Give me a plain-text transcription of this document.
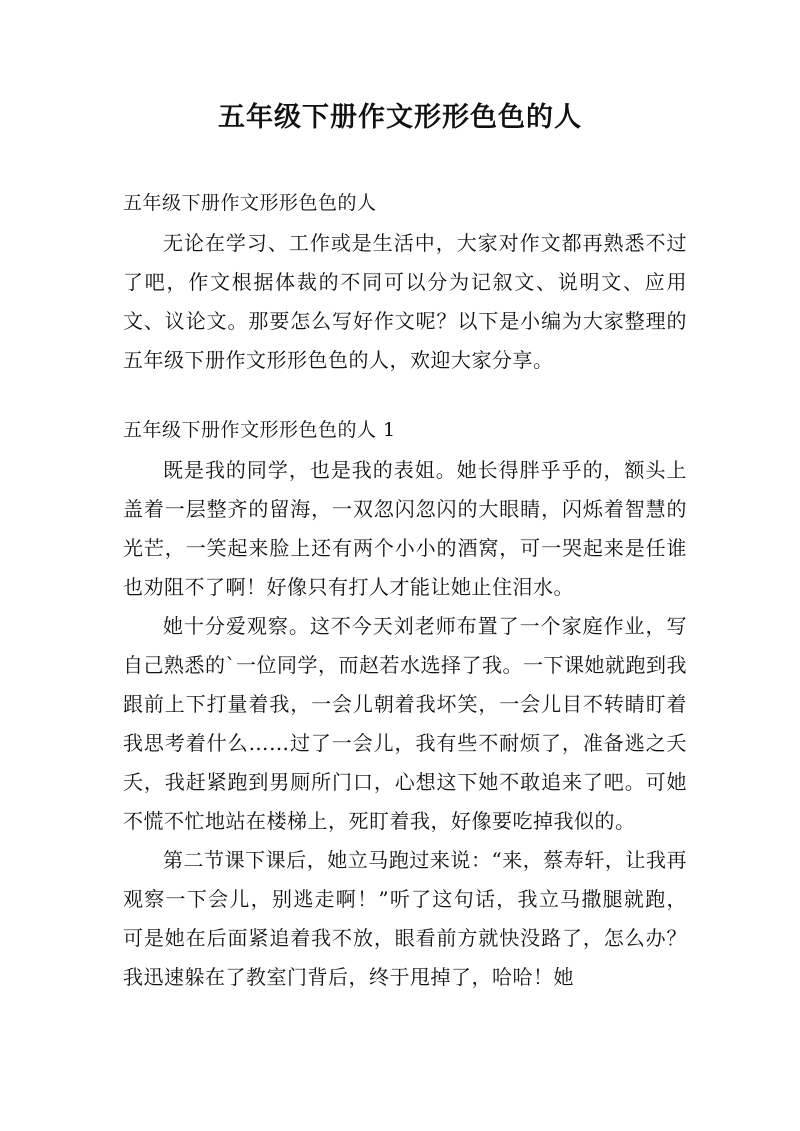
五年级下册作文形形色色的人
五年级下册作文形形色色的人

无论在学习、工作或是生活中，大家对作文都再熟悉不过了吧，作文根据体裁的不同可以分为记叙文、说明文、应用文、议论文。那要怎么写好作文呢？以下是小编为大家整理的五年级下册作文形形色色的人，欢迎大家分享。

五年级下册作文形形色色的人 1

既是我的同学，也是我的表姐。她长得胖乎乎的，额头上盖着一层整齐的留海，一双忽闪忽闪的大眼睛，闪烁着智慧的光芒，一笑起来脸上还有两个小小的酒窝，可一哭起来是任谁也劝阻不了啊！好像只有打人才能让她止住泪水。

她十分爱观察。这不今天刘老师布置了一个家庭作业，写自己熟悉的`一位同学，而赵若水选择了我。一下课她就跑到我跟前上下打量着我，一会儿朝着我坏笑，一会儿目不转睛盯着我思考着什么……过了一会儿，我有些不耐烦了，准备逃之夭夭，我赶紧跑到男厕所门口，心想这下她不敢追来了吧。可她不慌不忙地站在楼梯上，死盯着我，好像要吃掉我似的。

第二节课下课后，她立马跑过来说：“来，蔡寿轩，让我再观察一下会儿，别逃走啊！”听了这句话，我立马撒腿就跑，可是她在后面紧追着我不放，眼看前方就快没路了，怎么办？我迅速躲在了教室门背后，终于甩掉了，哈哈！她
